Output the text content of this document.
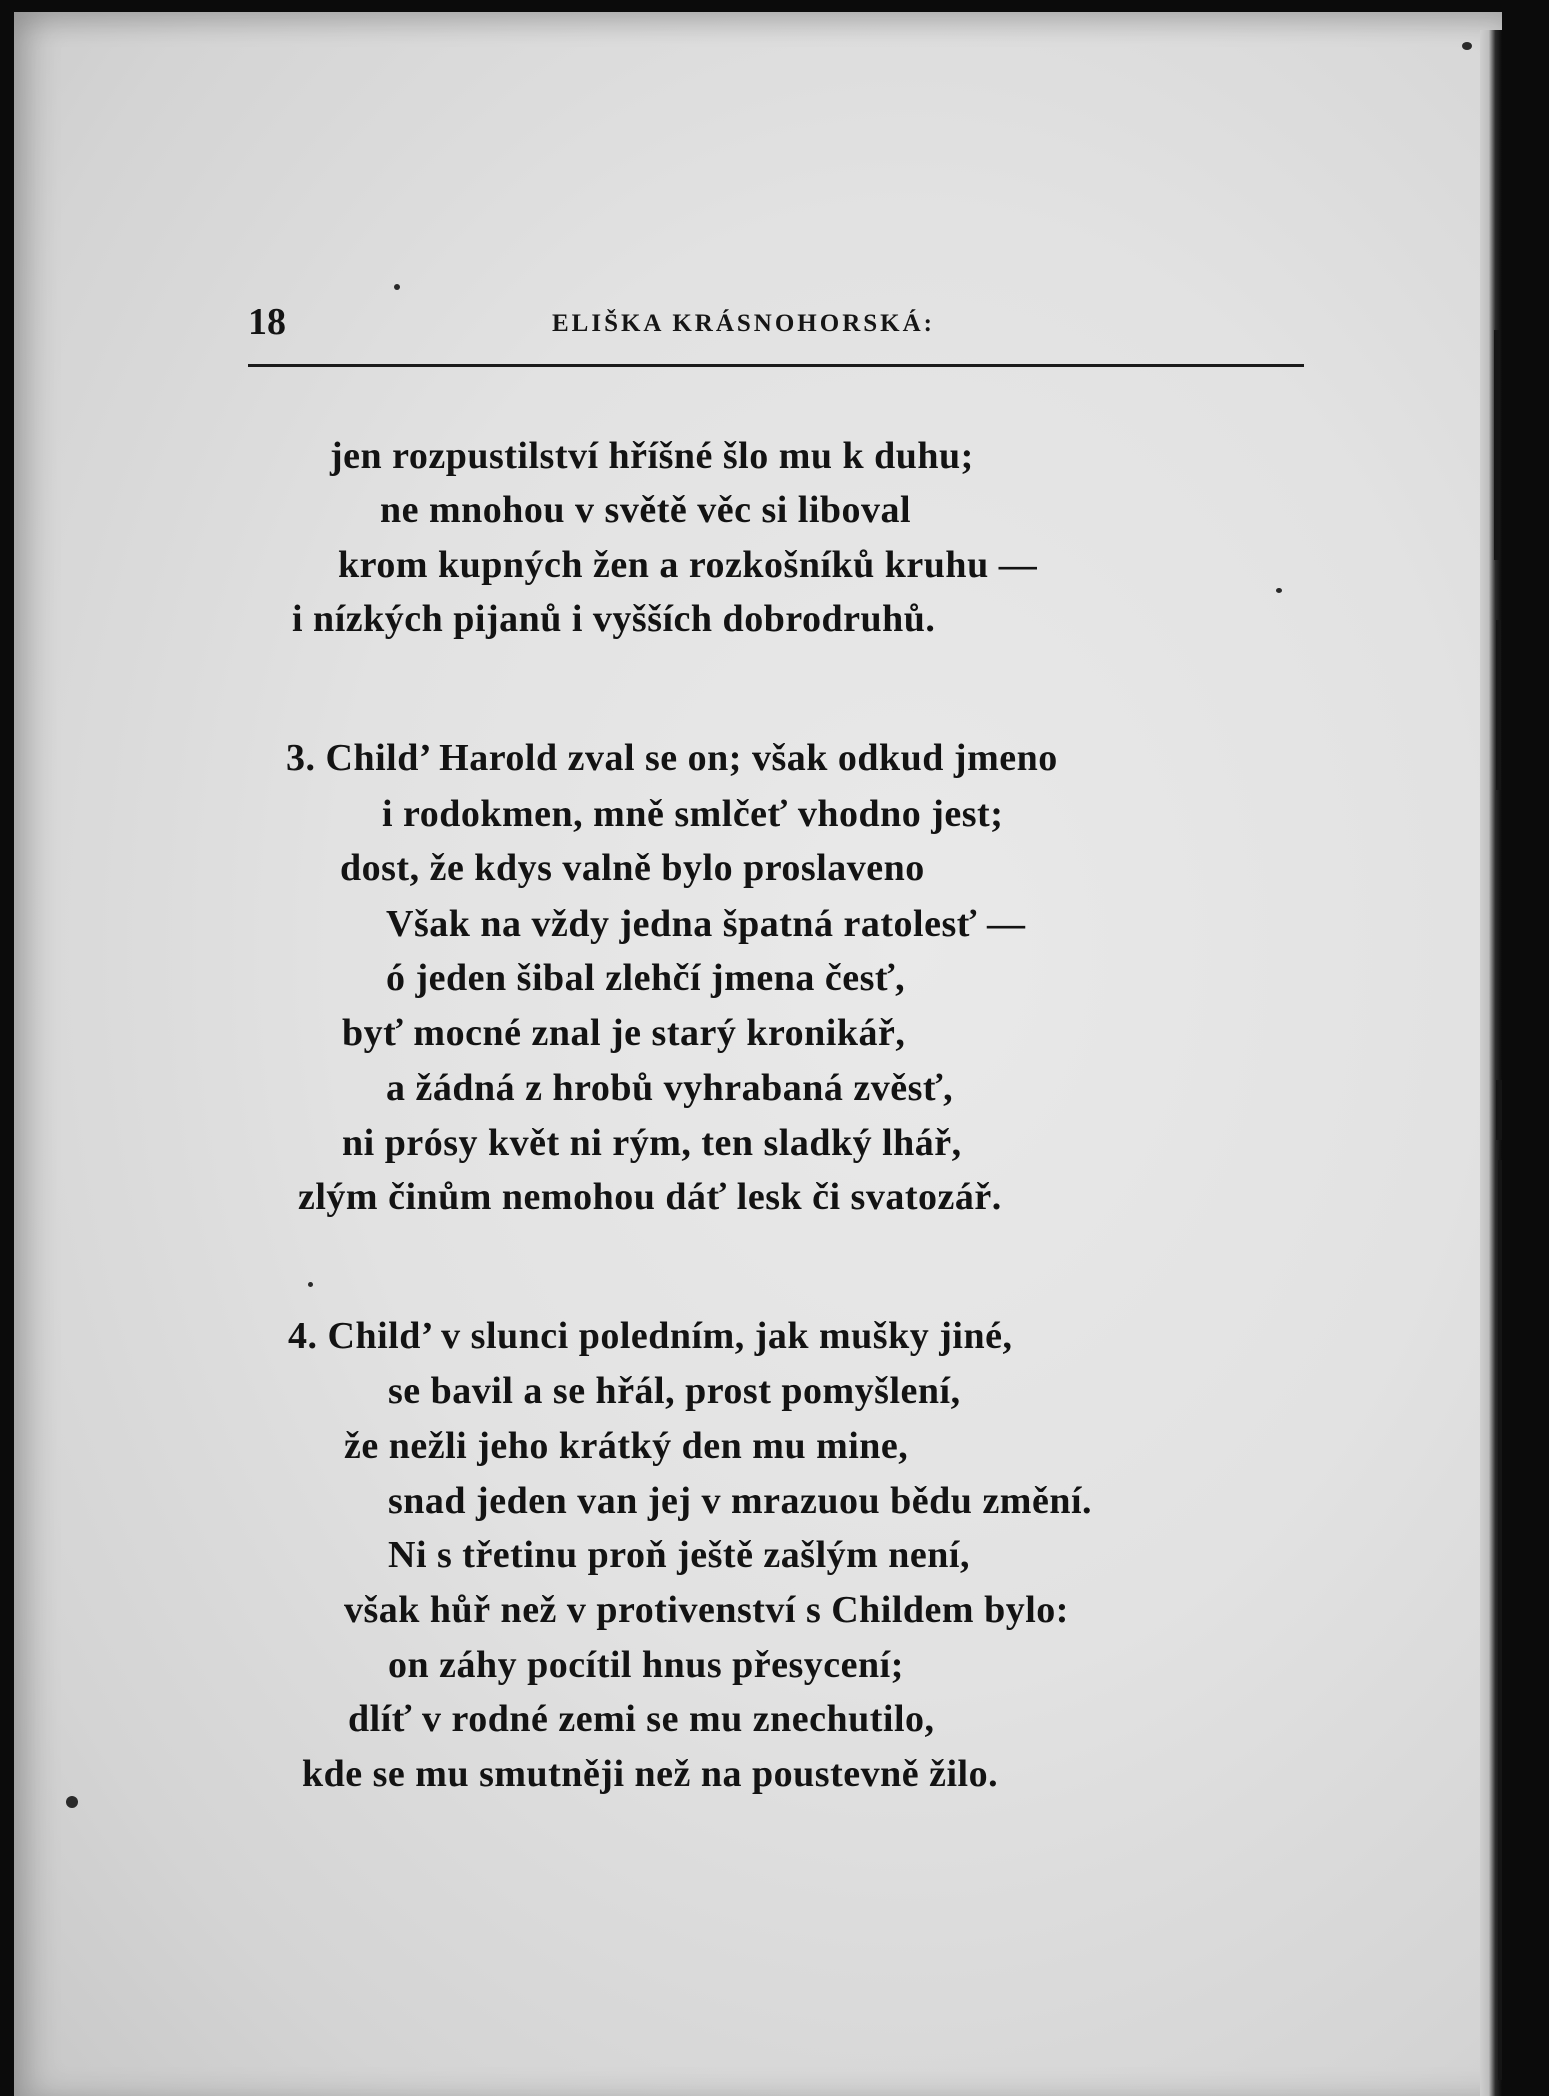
18	ELIŠKA KRÁSNOHORSKÁ:
jen rozpustilství hříšné šlo mu k duhu;
ne mnohou v světě věc si liboval
krom kupných žen a rozkošníků kruhu —
i nízkých pijanů i vyšších dobrodruhů.
3. Child’ Harold zval se on; však odkud jmeno
i rodokmen, mně smlčeť vhodno jest;
dost, že kdys valně bylo proslaveno
Však na vždy jedna špatná ratolesť —
ó jeden šibal zlehčí jmena česť,
byť mocné znal je starý kronikář,
a žádná z hrobů vyhrabaná zvěsť,
ni prósy květ ni rým, ten sladký lhář,
zlým činům nemohou dáť lesk či svatozář.
4. Child’ v slunci poledním, jak mušky jiné,
se bavil a se hřál, prost pomyšlení,
že nežli jeho krátký den mu mine,
snad jeden van jej v mrazuou bědu změní.
Ni s třetinu proň ještě zašlým není,
však hůř než v protivenství s Childem bylo:
on záhy pocítil hnus přesycení;
dlíť v rodné zemi se mu znechutilo,
kde se mu smutněji než na poustevně žilo.
